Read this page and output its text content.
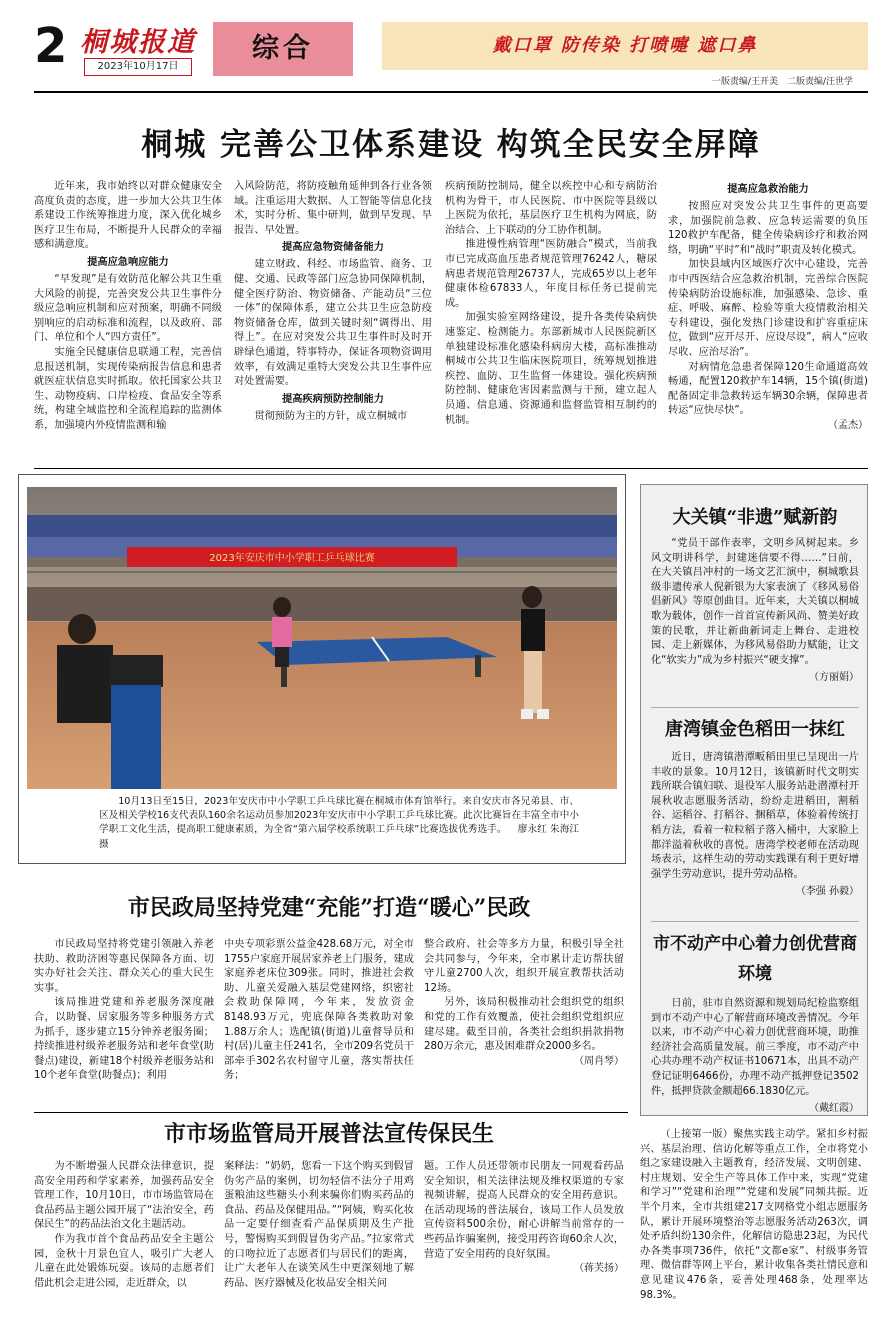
2 桐城报道
2023年10月17日
综合	戴口罩 防传染 打喷嚏 遮口鼻
一版责编/王开美　二版责编/汪世学
桐城 完善公卫体系建设 构筑全民安全屏障

近年来，我市始终以对群众健康安全高度负责的态度，进一步加大公共卫生体系建设工作统筹推进力度，深入优化城乡医疗卫生布局，不断提升人民群众的幸福感和满意度。

提高应急响应能力

“早发现”是有效防范化解公共卫生重大风险的前提，完善突发公共卫生事件分级应急响应机制和应对预案，明确不同级别响应的启动标准和流程，以及政府、部门、单位和个人“四方责任”。

实施全民健康信息联通工程，完善信息报送机制，实现传染病报告信息和患者就医症状信息实时抓取。依托国家公共卫生、动物疫病、口岸检疫、食品安全等系统，构建全域监控和全流程追踪的监测体系，加强境内外疫情监测和输

入风险防范，将防疫触角延伸到各行业各领域。注重运用大数据、人工智能等信息化技术，实时分析、集中研判，做到早发现、早报告、早处置。

提高应急物资储备能力

建立财政、科经、市场监管、商务、卫健、交通、民政等部门应急协同保障机制，健全医疗防治、物资储备、产能动员“三位一体”的保障体系，建立公共卫生应急防疫物资储备仓库，做到关键时刻“调得出、用得上”。在应对突发公共卫生事件时及时开辟绿色通道，特事特办，保证各项物资调用效率，有效满足重特大突发公共卫生事件应对处置需要。

提高疾病预防控制能力

贯彻预防为主的方针，成立桐城市

疾病预防控制局，健全以疾控中心和专病防治机构为骨干，市人民医院、市中医院等县级以上医院为依托，基层医疗卫生机构为网底，防治结合、上下联动的分工协作机制。

推进慢性病管理“医防融合”模式，当前我市已完成高血压患者规范管理76242人，糖尿病患者规范管理26737人，完成65岁以上老年健康体检67833人，年度目标任务已提前完成。

加强实验室网络建设，提升各类传染病快速鉴定、检测能力。东部新城市人民医院新区单独建设标准化感染科病房大楼，高标准推动桐城市公共卫生临床医院项目，统筹规划推进疾控、血防、卫生监督一体建设。强化疾病预防控制、健康危害因素监测与干预，建立起人员通、信息通、资源通和监督监管相互制约的机制。

提高应急救治能力

按照应对突发公共卫生事件的更高要求，加强院前急救、应急转运需要的负压120救护车配备，健全传染病诊疗和救治网络，明确“平时”和“战时”职责及转化模式。

加快县域内区域医疗次中心建设，完善市中西医结合应急救治机制，完善综合医院传染病防治设施标准，加强感染、急诊、重症、呼吸、麻醉、检验等重大疫情救治相关专科建设，强化发热门诊建设和扩容重症床位，做到“应开尽开、应设尽设”，病人“应收尽收、应治尽治”。

对病情危急患者保障120生命通道高效畅通，配置120救护车14辆，15个镇(街道)配备固定非急救转运车辆30余辆，保障患者转运“应快尽快”。

（孟杰）
2023年安庆市中小学职工乒乓球比赛
10月13日至15日，2023年安庆市中小学职工乒乓球比赛在桐城市体育馆举行。来自安庆市各兄弟县、市、区及相关学校16支代表队160余名运动员参加2023年安庆市中小学职工乒乓球比赛。此次比赛旨在丰富全市中小学职工文化生活，提高职工健康素质，为全省“第六届学校系统职工乒乓球”比赛选拔优秀选手。 廖永红 朱海江 摄
大关镇“非遗”赋新韵
“党员干部作表率，文明乡风树起来。乡风文明讲科学，封建迷信要不得……”日前，在大关镇吕冲村的一场文艺汇演中，桐城歌县级非遗传承人倪新银为大家表演了《移风易俗倡新风》等原创曲目。近年来，大关镇以桐城歌为载体，创作一首首宣传新风尚、赞美好政策的民歌，并让新曲新词走上舞台、走进校园、走上新媒体，为移风易俗助力赋能，让文化“软实力”成为乡村振兴“硬支撑”。
（方丽娟）
唐湾镇金色稻田一抹红
近日，唐湾镇潜潭畈稻田里已呈现出一片丰收的景象。10月12日，该镇新时代文明实践所联合镇妇联、退役军人服务站赴潜潭村开展秋收志愿服务活动，纷纷走进稻田，割稻谷、运稻谷、打稻谷、捆稻草，体验着传统打稻方法，看着一粒粒稻子落入桶中，大家脸上都洋溢着秋收的喜悦。唐湾学校老师在活动现场表示，这样生动的劳动实践课有利于更好增强学生劳动意识，提升劳动品格。
（李强 孙毅）
市不动产中心着力创优营商环境
日前，驻市自然资源和规划局纪检监察组到市不动产中心了解营商环境改善情况。今年以来，市不动产中心着力创优营商环境，助推经济社会高质量发展。前三季度，市不动产中心共办理不动产权证书10671本，出具不动产登记证明6466份，办理不动产抵押登记3502件，抵押贷款金额超66.1830亿元。
（戴红霞）
市民政局坚持党建“充能”打造“暖心”民政

市民政局坚持将党建引领融入养老扶助、救助济困等惠民保障各方面、切实办好社会关注、群众关心的重大民生实事。

该局推进党建和养老服务深度融合，以助餐、居家服务等多种服务方式为抓手，逐步建立15分钟养老服务圈；持续推进村级养老服务站和老年食堂(助餐点)建设，新建18个村级养老服务站和10个老年食堂(助餐点)；利用

中央专项彩票公益金428.68万元，对全市1755户家庭开展居家养老上门服务，建成家庭养老床位309张。同时，推进社会救助、儿童关爱融入基层党建网络，织密社会救助保障网，今年来，发放资金8148.93万元，兜底保障各类救助对象1.88万余人；选配镇(街道)儿童督导员和村(居)儿童主任241名，全市209名党员干部牵手302名农村留守儿童，落实帮扶任务；

整合政府、社会等多方力量，积极引导全社会共同参与，今年来，全市累计走访帮扶留守儿童2700人次，组织开展宣教帮扶活动12场。

另外，该局积极推动社会组织党的组织和党的工作有效覆盖，使社会组织党组织应建尽建。截至目前，各类社会组织捐款捐物280万余元，惠及困难群众2000多名。

（周肖琴）
市市场监管局开展普法宣传保民生

为不断增强人民群众法律意识，提高安全用药和学家素养，加强药品安全管理工作，10月10日，市市场监管局在食品药品主题公园开展了“法治安全，药保民生”的药品法治文化主题活动。

作为我市首个食品药品安全主题公园，金秋十月景色宜人，吸引广大老人儿童在此处锻炼玩耍。该局的志愿者们借此机会走进公园，走近群众，以

案释法：“奶奶，您看一下这个购买到假冒伪劣产品的案例，切勿轻信不法分子用鸡蛋粮油这些糖头小利来骗你们购买药品的食品、药品及保健用品。”“阿姨，购买化妆品一定要仔细查看产品保质期及生产批号，警惕购买到假冒伪劣产品。”拉家常式的口吻拉近了志愿者们与居民们的距离，让广大老年人在谈笑风生中更深刻地了解药品、医疗器械及化妆品安全相关问

题。工作人员还带领市民朋友一同观看药品安全知识，相关法律法规及维权渠道的专家视频讲解，提高人民群众的安全用药意识。在活动现场的普法展台，该局工作人员发放宣传资料500余份，耐心讲解当前常存的一些药品诈骗案例，接受用药咨询60余人次，营造了安全用药的良好氛围。

（蒋芙扬）

（上接第一版）聚焦实践主动学。紧扣乡村振兴、基层治理、信访化解等重点工作，全市将党小组之家建设融入主题教育，经济发展、文明创建、村庄规划、安全生产等具体工作中来，实现“党建和学习”“党建和治理”“党建和发展”同频共振。近半个月来，全市共组建217支网格党小组志愿服务队，累计开展环境整治等志愿服务活动263次，调处矛盾纠纷130余件，化解信访隐患23起，为民代办各类事项736件，依托“文都e家”、村级事务管理、微信群等网上平台，累计收集各类社情民意和意见建议476条，妥善处理468条，处理率达98.3%。
